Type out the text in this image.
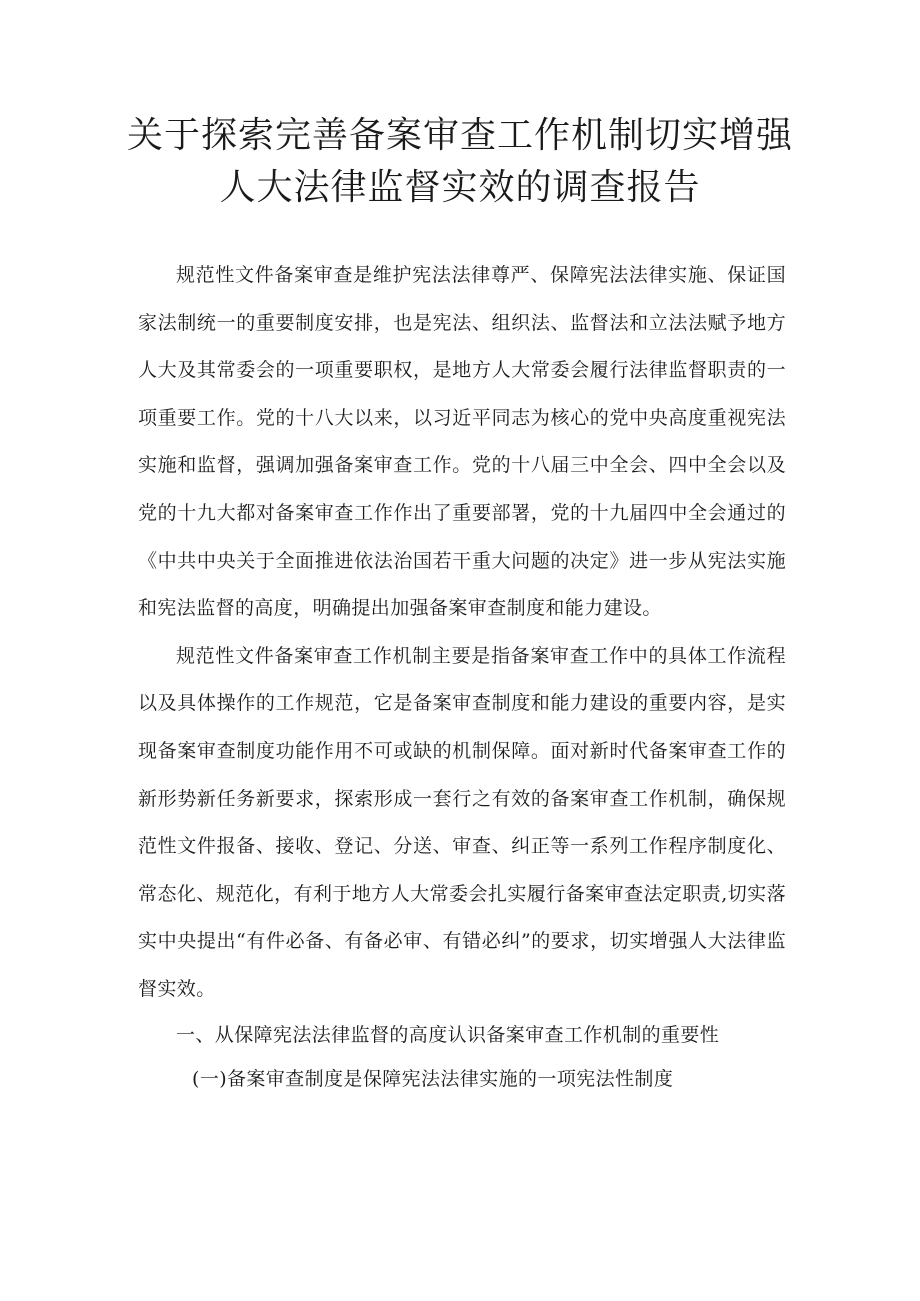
关于探索完善备案审查工作机制切实增强
人大法律监督实效的调查报告

规范性文件备案审查是维护宪法法律尊严、保障宪法法律实施、保证国家法制统一的重要制度安排，也是宪法、组织法、监督法和立法法赋予地方人大及其常委会的一项重要职权，是地方人大常委会履行法律监督职责的一项重要工作。党的十八大以来，以习近平同志为核心的党中央高度重视宪法实施和监督，强调加强备案审查工作。党的十八届三中全会、四中全会以及党的十九大都对备案审查工作作出了重要部署，党的十九届四中全会通过的《中共中央关于全面推进依法治国若干重大问题的决定》进一步从宪法实施和宪法监督的高度，明确提出加强备案审查制度和能力建设。

规范性文件备案审查工作机制主要是指备案审查工作中的具体工作流程以及具体操作的工作规范，它是备案审查制度和能力建设的重要内容，是实现备案审查制度功能作用不可或缺的机制保障。面对新时代备案审查工作的新形势新任务新要求，探索形成一套行之有效的备案审查工作机制，确保规范性文件报备、接收、登记、分送、审查、纠正等一系列工作程序制度化、常态化、规范化，有利于地方人大常委会扎实履行备案审查法定职责,切实落实中央提出“有件必备、有备必审、有错必纠”的要求，切实增强人大法律监督实效。

一、从保障宪法法律监督的高度认识备案审查工作机制的重要性

(一)备案审查制度是保障宪法法律实施的一项宪法性制度
